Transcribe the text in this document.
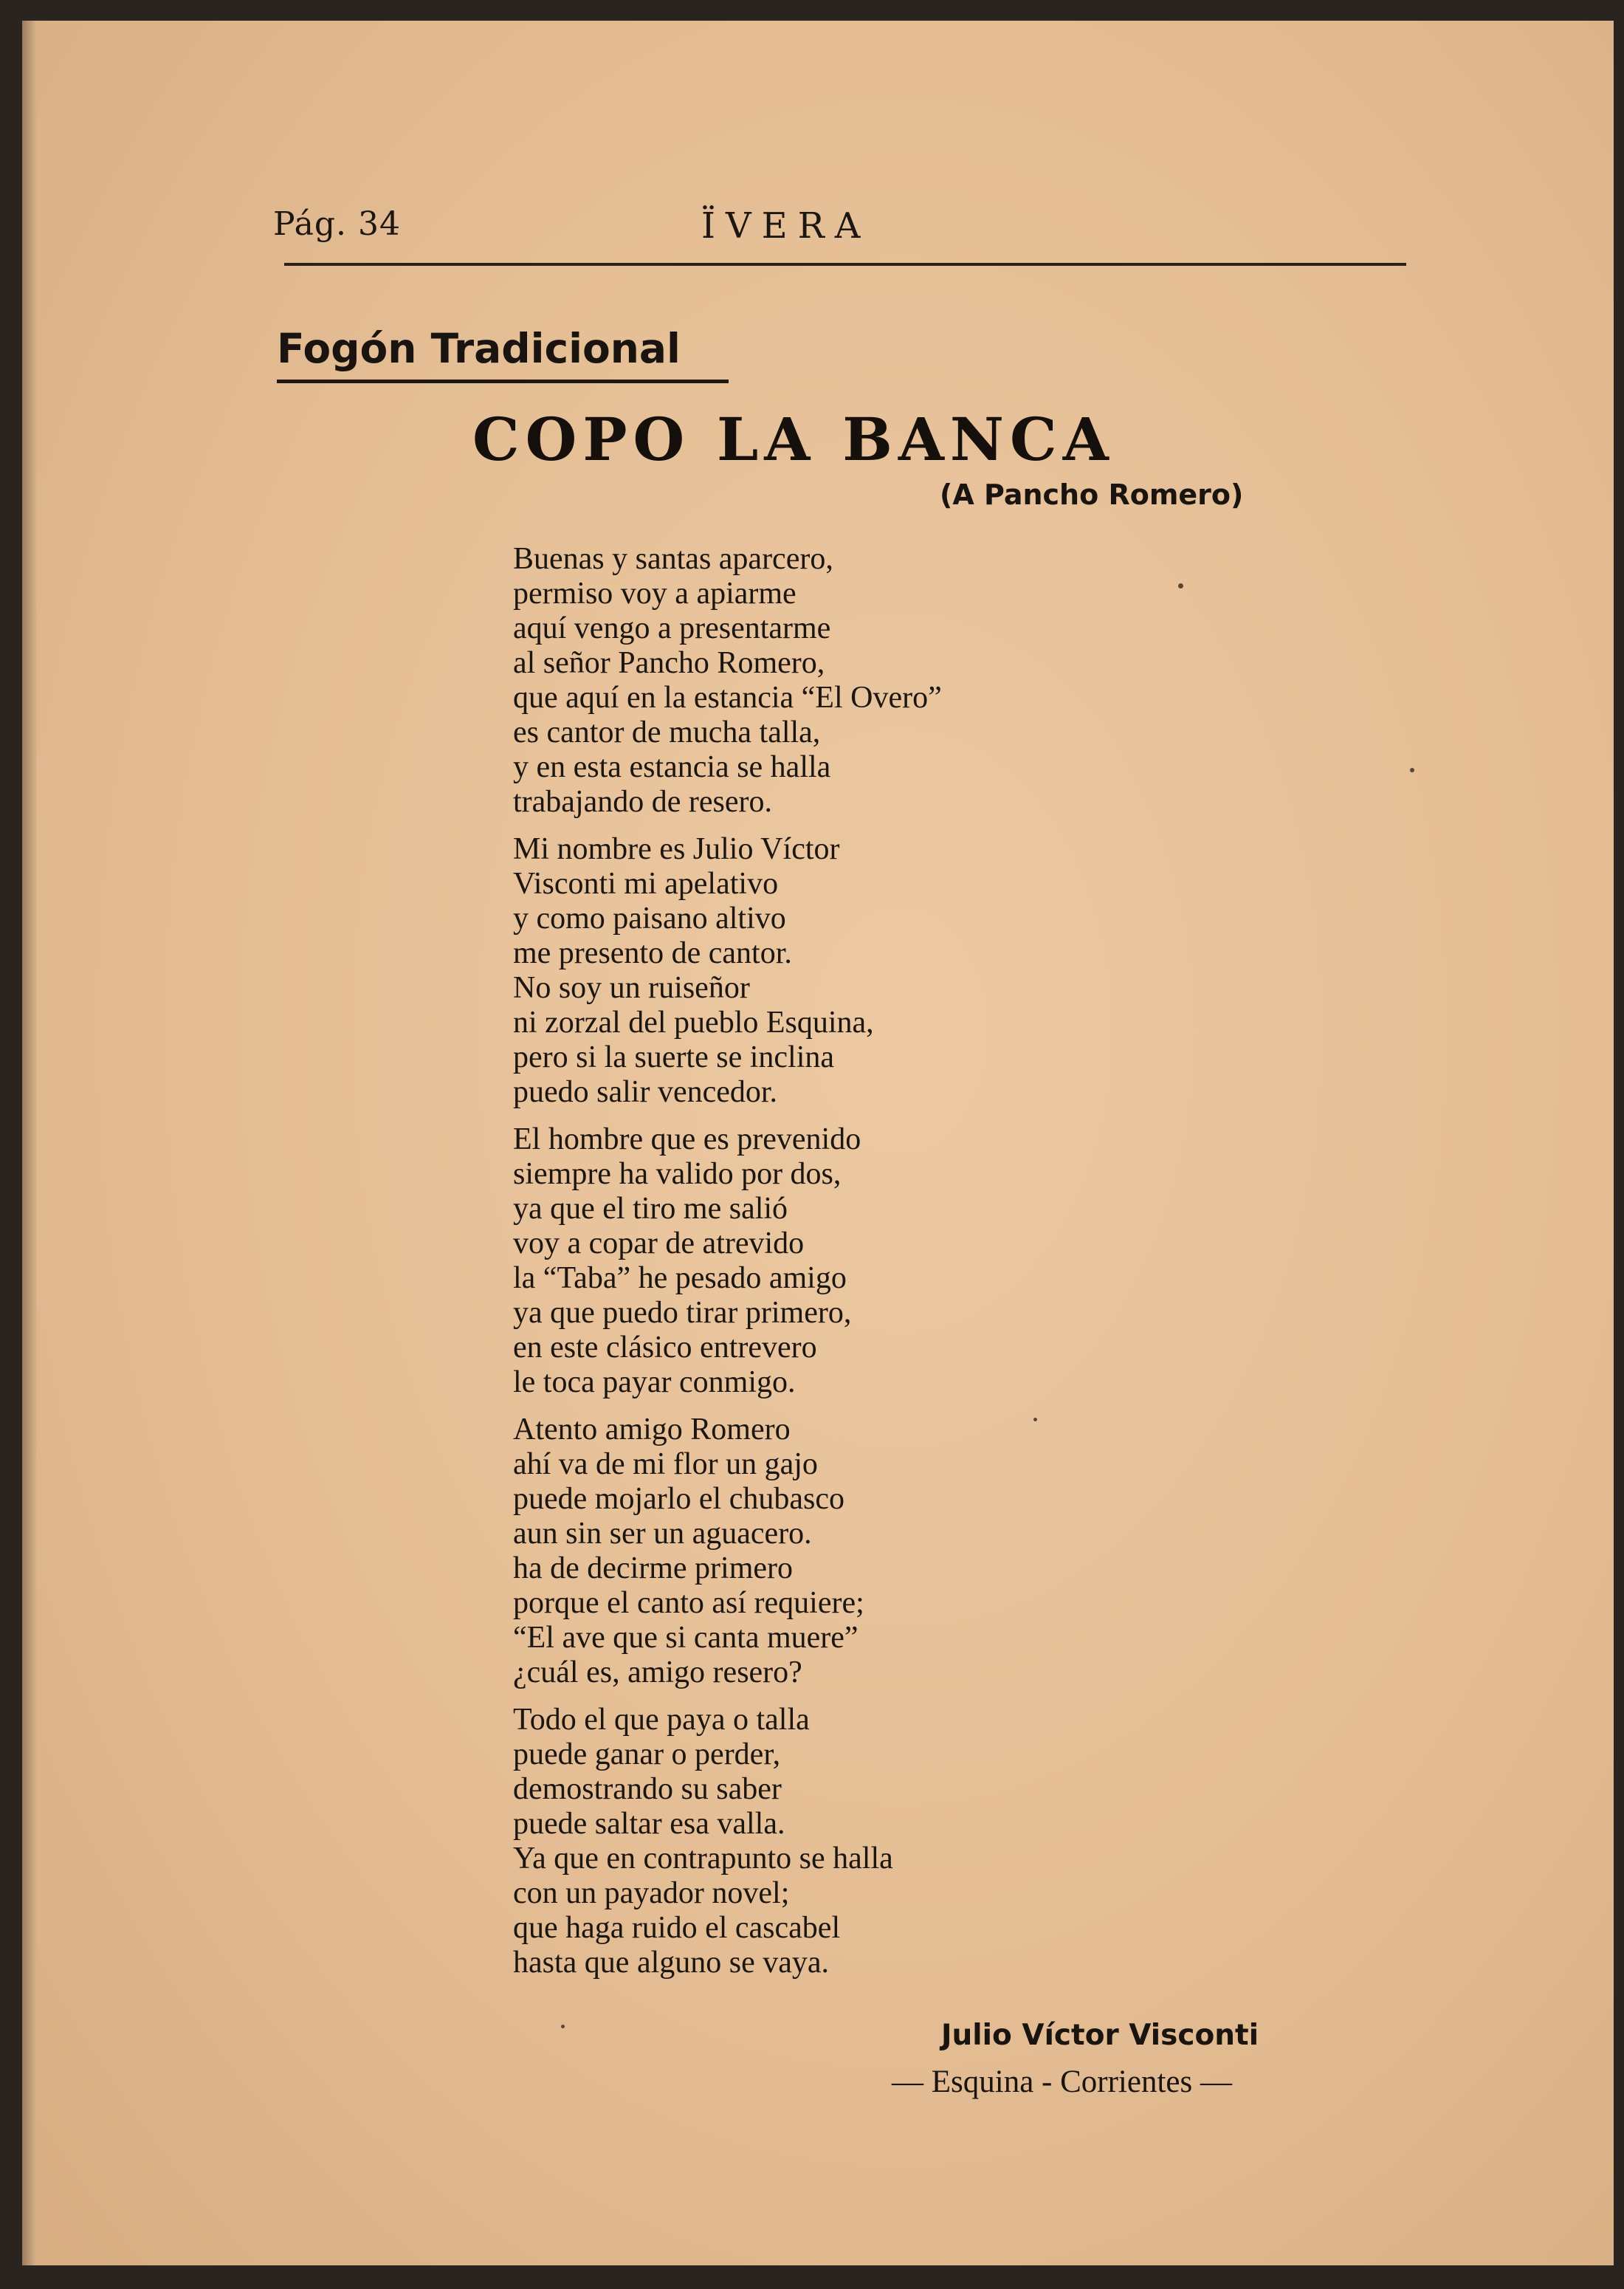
Pág. 34	ÏVERA
Fogón Tradicional
COPO LA BANCA
(A Pancho Romero)
Buenas y santas aparcero,
permiso voy a apiarme
aquí vengo a presentarme
al señor Pancho Romero,
que aquí en la estancia “El Overo”
es cantor de mucha talla,
y en esta estancia se halla
trabajando de resero.
Mi nombre es Julio Víctor
Visconti mi apelativo
y como paisano altivo
me presento de cantor.
No soy un ruiseñor
ni zorzal del pueblo Esquina,
pero si la suerte se inclina
puedo salir vencedor.
El hombre que es prevenido
siempre ha valido por dos,
ya que el tiro me salió
voy a copar de atrevido
la “Taba” he pesado amigo
ya que puedo tirar primero,
en este clásico entrevero
le toca payar conmigo.
Atento amigo Romero
ahí va de mi flor un gajo
puede mojarlo el chubasco
aun sin ser un aguacero.
ha de decirme primero
porque el canto así requiere;
“El ave que si canta muere”
¿cuál es, amigo resero?
Todo el que paya o talla
puede ganar o perder,
demostrando su saber
puede saltar esa valla.
Ya que en contrapunto se halla
con un payador novel;
que haga ruido el cascabel
hasta que alguno se vaya.
Julio Víctor Visconti
— Esquina - Corrientes —
